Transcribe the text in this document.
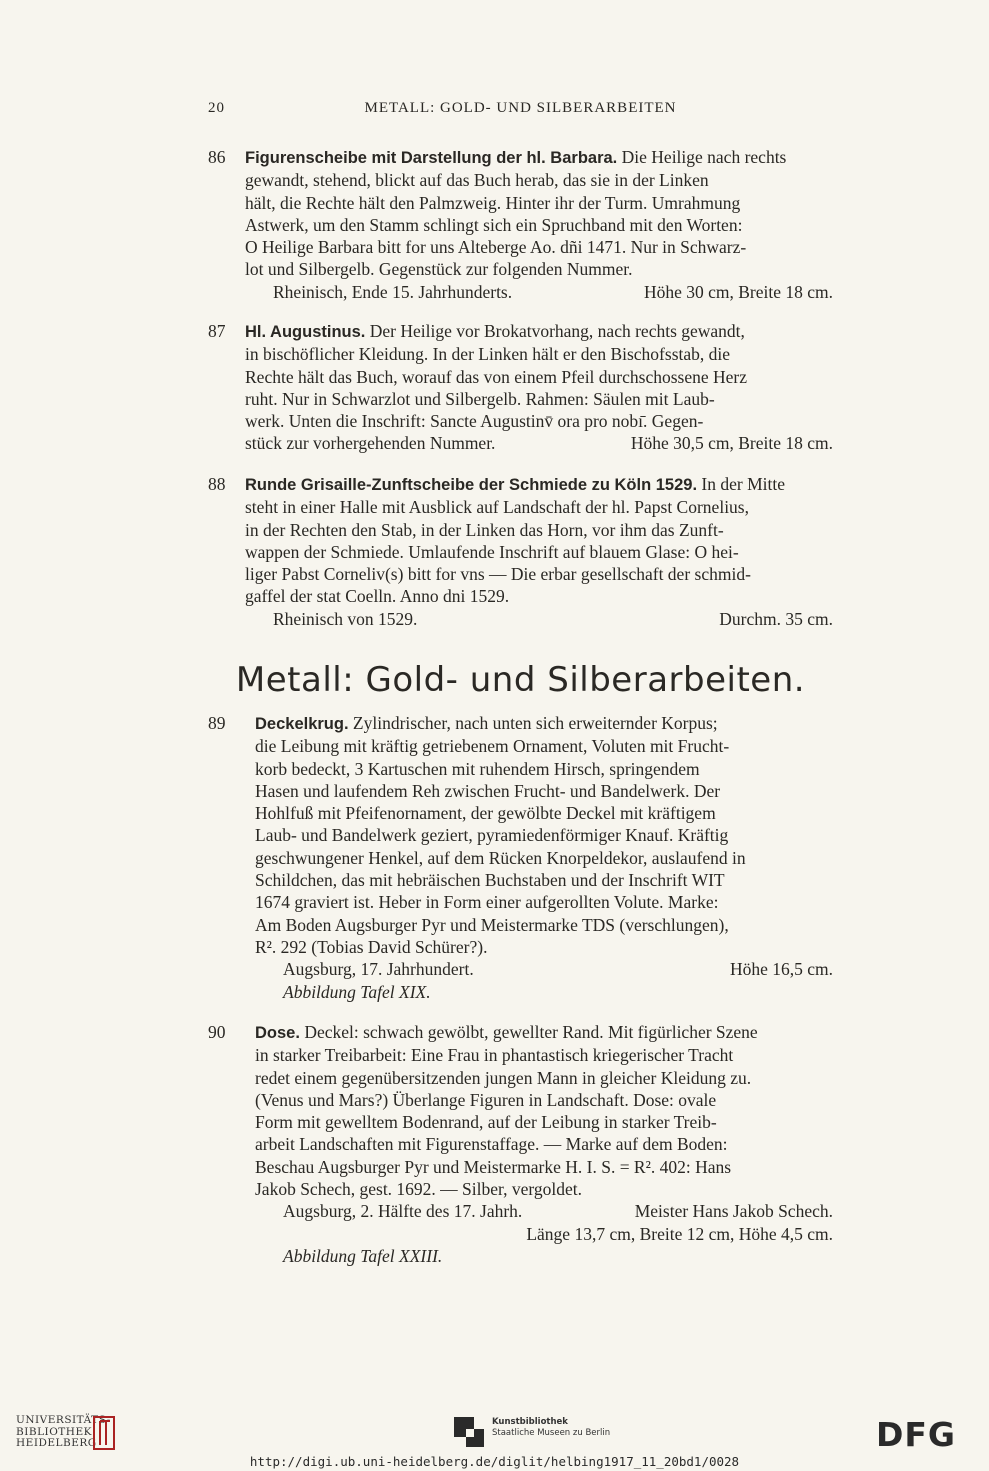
20	METALL: GOLD- UND SILBERARBEITEN
86 Figurenscheibe mit Darstellung der hl. Barbara. Die Heilige nach rechts
gewandt, stehend, blickt auf das Buch herab, das sie in der Linken
hält, die Rechte hält den Palmzweig. Hinter ihr der Turm. Umrahmung
Astwerk, um den Stamm schlingt sich ein Spruchband mit den Worten:
O Heilige Barbara bitt for uns Alteberge Ao. dñi 1471. Nur in Schwarz-
lot und Silbergelb. Gegenstück zur folgenden Nummer.
Rheinisch, Ende 15. Jahrhunderts.	Höhe 30 cm, Breite 18 cm.
87 Hl. Augustinus. Der Heilige vor Brokatvorhang, nach rechts gewandt,
in bischöflicher Kleidung. In der Linken hält er den Bischofsstab, die
Rechte hält das Buch, worauf das von einem Pfeil durchschossene Herz
ruht. Nur in Schwarzlot und Silbergelb. Rahmen: Säulen mit Laub-
werk. Unten die Inschrift: Sancte Augustinv̄ ora pro nobı̄. Gegen-
stück zur vorhergehenden Nummer.	Höhe 30,5 cm, Breite 18 cm.
88 Runde Grisaille-Zunftscheibe der Schmiede zu Köln 1529. In der Mitte
steht in einer Halle mit Ausblick auf Landschaft der hl. Papst Cornelius,
in der Rechten den Stab, in der Linken das Horn, vor ihm das Zunft-
wappen der Schmiede. Umlaufende Inschrift auf blauem Glase: O hei-
liger Pabst Corneliv(s) bitt for vns — Die erbar gesellschaft der schmid-
gaffel der stat Coelln. Anno dni 1529.
Rheinisch von 1529.	Durchm. 35 cm.
Metall: Gold- und Silberarbeiten.
89 Deckelkrug. Zylindrischer, nach unten sich erweiternder Korpus;
die Leibung mit kräftig getriebenem Ornament, Voluten mit Frucht-
korb bedeckt, 3 Kartuschen mit ruhendem Hirsch, springendem
Hasen und laufendem Reh zwischen Frucht- und Bandelwerk. Der
Hohlfuß mit Pfeifenornament, der gewölbte Deckel mit kräftigem
Laub- und Bandelwerk geziert, pyramiedenförmiger Knauf. Kräftig
geschwungener Henkel, auf dem Rücken Knorpeldekor, auslaufend in
Schildchen, das mit hebräischen Buchstaben und der Inschrift WIT
1674 graviert ist. Heber in Form einer aufgerollten Volute. Marke:
Am Boden Augsburger Pyr und Meistermarke TDS (verschlungen),
R². 292 (Tobias David Schürer?).
Augsburg, 17. Jahrhundert.	Höhe 16,5 cm.
Abbildung Tafel XIX.
90 Dose. Deckel: schwach gewölbt, gewellter Rand. Mit figürlicher Szene
in starker Treibarbeit: Eine Frau in phantastisch kriegerischer Tracht
redet einem gegenübersitzenden jungen Mann in gleicher Kleidung zu.
(Venus und Mars?) Überlange Figuren in Landschaft. Dose: ovale
Form mit gewelltem Bodenrand, auf der Leibung in starker Treib-
arbeit Landschaften mit Figurenstaffage. — Marke auf dem Boden:
Beschau Augsburger Pyr und Meistermarke H. I. S. = R². 402: Hans
Jakob Schech, gest. 1692. — Silber, vergoldet.
Augsburg, 2. Hälfte des 17. Jahrh.	Meister Hans Jakob Schech.
Länge 13,7 cm, Breite 12 cm, Höhe 4,5 cm.
Abbildung Tafel XXIII.
UNIVERSITÄTS-
BIBLIOTHEK
HEIDELBERG
Kunstbibliothek
Staatliche Museen zu Berlin	DFG
http://digi.ub.uni-heidelberg.de/diglit/helbing1917_11_20bd1/0028
